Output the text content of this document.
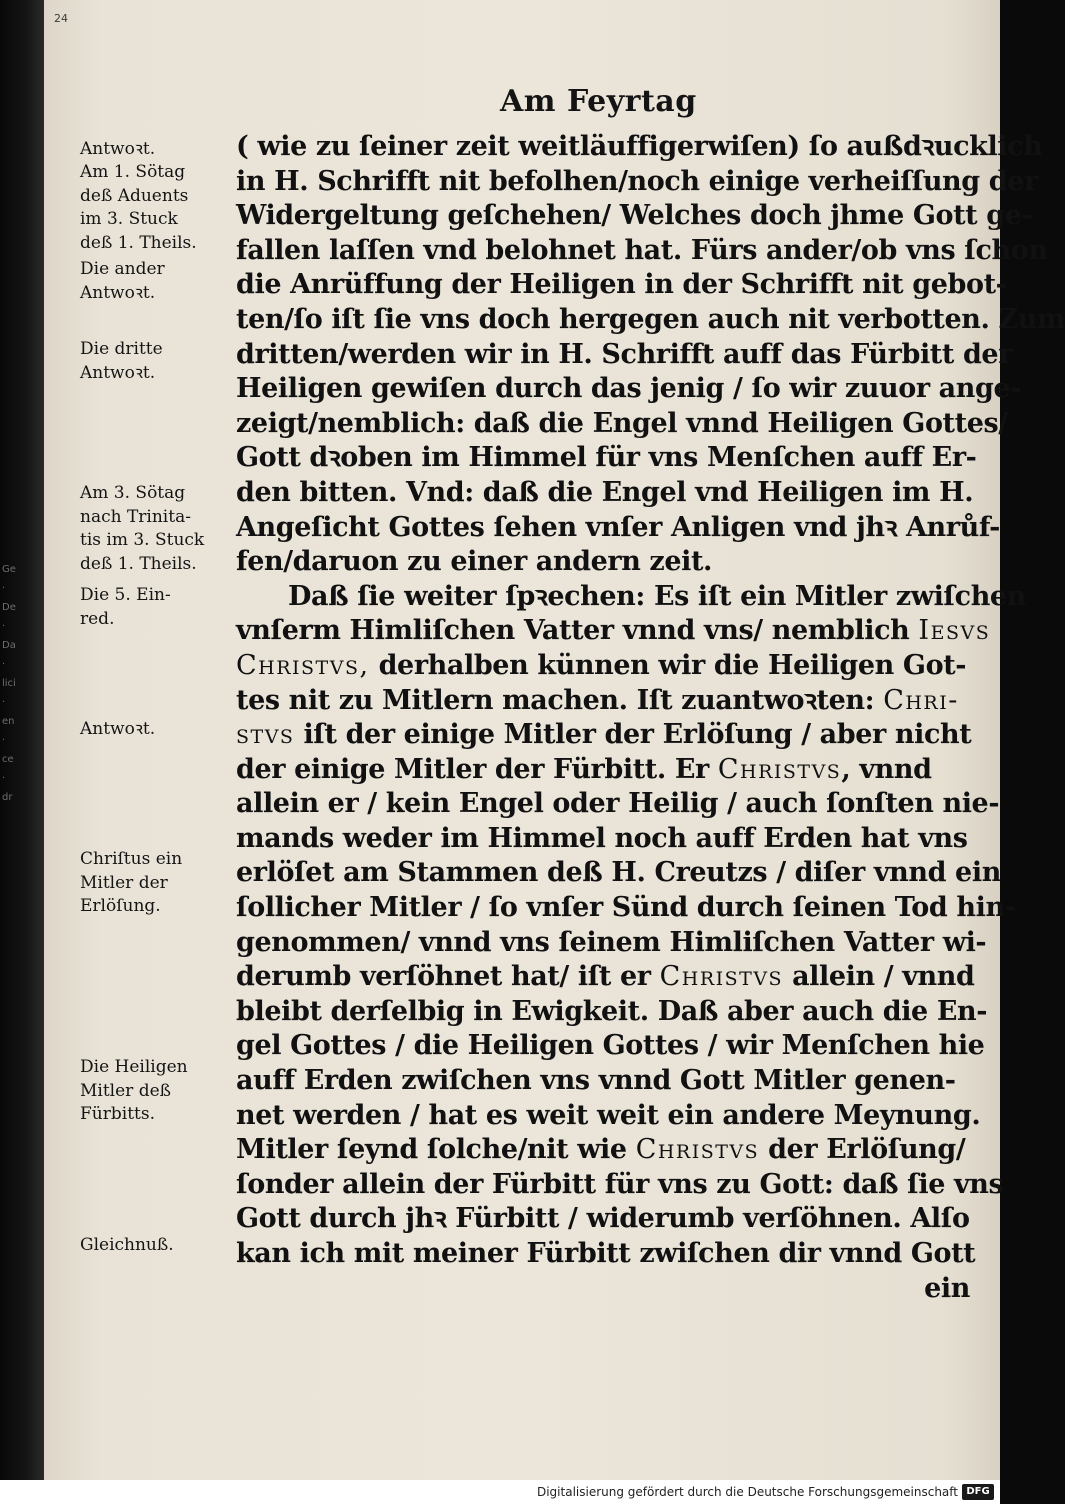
Ge · De · Da · lici · en · ce · dr
24
Am Feyrtag
Antwoꝛt.
Am 1. Sötag
deß Aduents
im 3. Stuck
deß 1. Theils.
Die ander
Antwoꝛt.
Die dritte
Antwoꝛt.
Am 3. Sötag
nach Trinita-
tis im 3. Stuck
deß 1. Theils.
Die 5. Ein-
red.
Antwoꝛt.
Chriſtus ein
Mitler der
Erlöſung.
Die Heiligen
Mitler deß
Fürbitts.
Gleichnuß.
( wie zu ſeiner zeit weitläuffigerwiſen) ſo außdꝛucklich
in H. Schrifft nit befolhen/noch einige verheiſſung der
Widergeltung geſchehen/ Welches doch jhme Gott ge-
fallen laſſen vnd belohnet hat. Fürs ander/ob vns ſchon
die Anrüffung der Heiligen in der Schrifft nit gebot-
ten/ſo iſt ſie vns doch hergegen auch nit verbotten. Zum
dritten/werden wir in H. Schrifft auff das Fürbitt der
Heiligen gewiſen durch das jenig / ſo wir zuuor ange-
zeigt/nemblich: daß die Engel vnnd Heiligen Gottes/
Gott dꝛoben im Himmel für vns Menſchen auff Er-
den bitten. Vnd: daß die Engel vnd Heiligen im H.
Angeſicht Gottes ſehen vnſer Anligen vnd jhꝛ Anrůf-
fen/daruon zu einer andern zeit.
Daß ſie weiter ſpꝛechen: Es iſt ein Mitler zwiſchen
vnſerm Himliſchen Vatter vnnd vns/ nemblich Iesvs
Christvs, derhalben künnen wir die Heiligen Got-
tes nit zu Mitlern machen. Iſt zuantwoꝛten: Chri-
stvs iſt der einige Mitler der Erlöſung / aber nicht
der einige Mitler der Fürbitt. Er Christvs, vnnd
allein er / kein Engel oder Heilig / auch ſonſten nie-
mands weder im Himmel noch auff Erden hat vns
erlöſet am Stammen deß H. Creutzs / diſer vnnd ein
ſollicher Mitler / ſo vnſer Sünd durch ſeinen Tod hin-
genommen/ vnnd vns ſeinem Himliſchen Vatter wi-
derumb verſöhnet hat/ iſt er Christvs allein / vnnd
bleibt derſelbig in Ewigkeit. Daß aber auch die En-
gel Gottes / die Heiligen Gottes / wir Menſchen hie
auff Erden zwiſchen vns vnnd Gott Mitler genen-
net werden / hat es weit weit ein andere Meynung.
Mitler ſeynd ſolche/nit wie Christvs der Erlöſung/
ſonder allein der Fürbitt für vns zu Gott: daß ſie vns
Gott durch jhꝛ Fürbitt / widerumb verſöhnen. Alſo
kan ich mit meiner Fürbitt zwiſchen dir vnnd Gott
ein
Digitalisierung gefördert durch die Deutsche Forschungsgemeinschaft DFG
